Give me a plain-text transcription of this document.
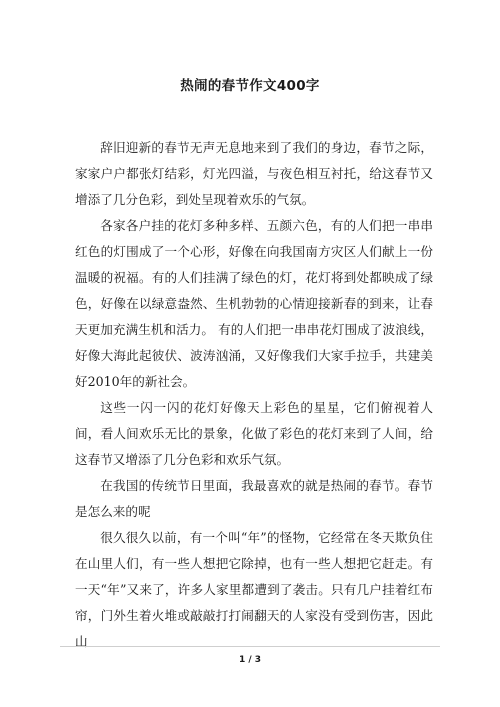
热闹的春节作文400字

辞旧迎新的春节无声无息地来到了我们的身边，春节之际，家家户户都张灯结彩，灯光四溢，与夜色相互衬托，给这春节又增添了几分色彩，到处呈现着欢乐的气氛。

各家各户挂的花灯多种多样、五颜六色，有的人们把一串串红色的灯围成了一个心形，好像在向我国南方灾区人们献上一份温暖的祝福。有的人们挂满了绿色的灯，花灯将到处都映成了绿色，好像在以绿意盎然、生机勃勃的心情迎接新春的到来，让春天更加充满生机和活力。 有的人们把一串串花灯围成了波浪线，好像大海此起彼伏、波涛汹涌，又好像我们大家手拉手，共建美好2010年的新社会。

这些一闪一闪的花灯好像天上彩色的星星，它们俯视着人间，看人间欢乐无比的景象，化做了彩色的花灯来到了人间，给这春节又增添了几分色彩和欢乐气氛。

在我国的传统节日里面，我最喜欢的就是热闹的春节。春节是怎么来的呢

很久很久以前，有一个叫“年”的怪物，它经常在冬天欺负住在山里人们，有一些人想把它除掉，也有一些人想把它赶走。有一天“年”又来了，许多人家里都遭到了袭击。只有几户挂着红布帘，门外生着火堆或敲敲打打闹翻天的人家没有受到伤害，因此山

1 / 3
